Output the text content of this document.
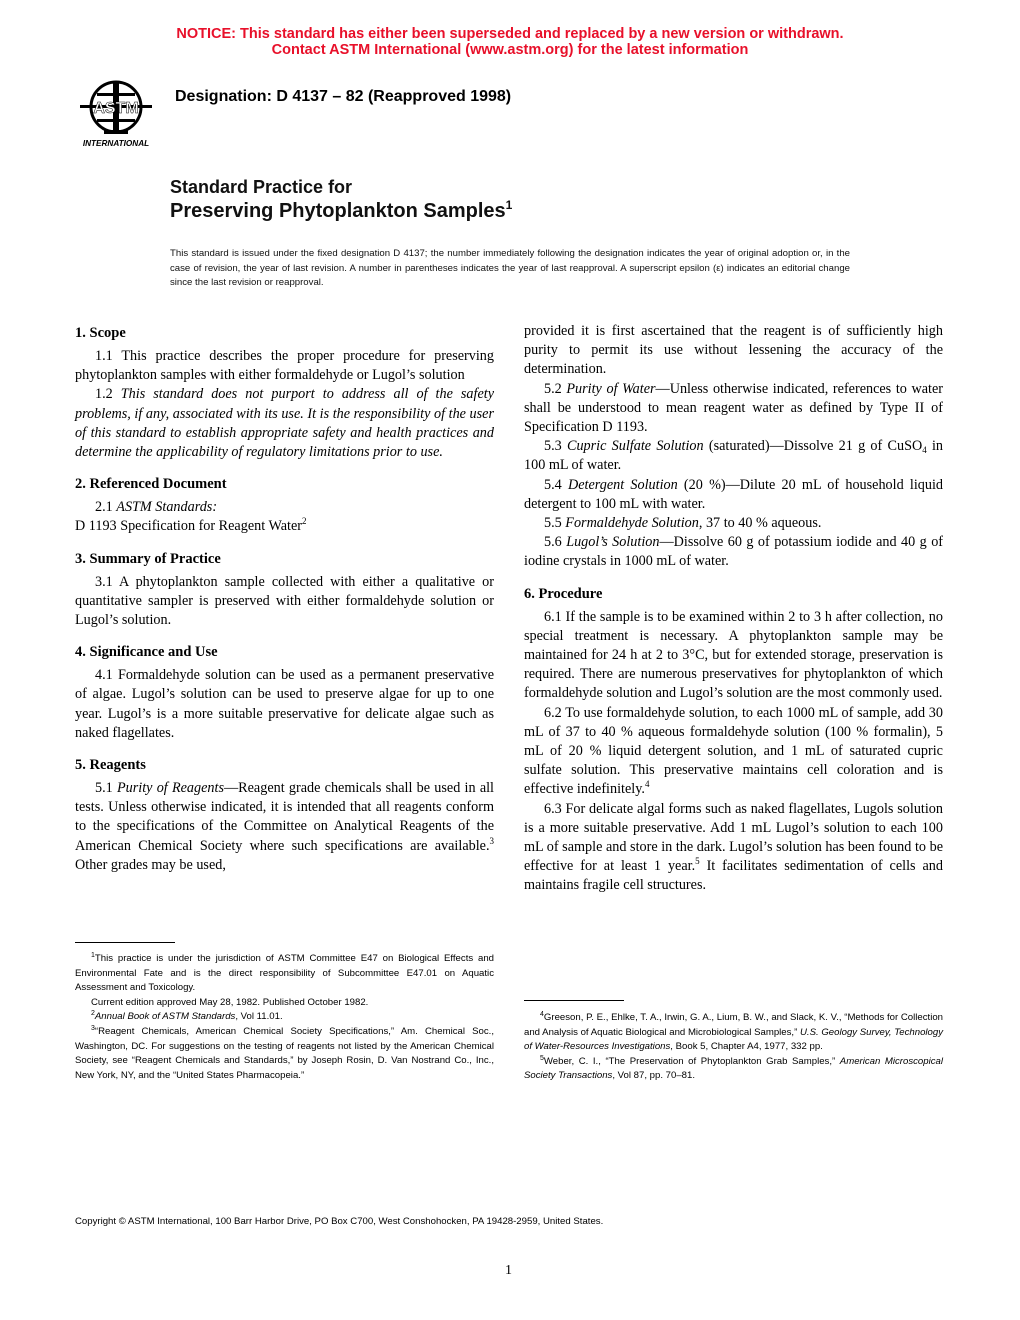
NOTICE: This standard has either been superseded and replaced by a new version or withdrawn.
Contact ASTM International (www.astm.org) for the latest information
ASTM
INTERNATIONAL
Designation: D 4137 – 82 (Reapproved 1998)
Standard Practice for
Preserving Phytoplankton Samples$^1$
This standard is issued under the fixed designation D 4137; the number immediately following the designation indicates the year of original adoption or, in the case of revision, the year of last revision. A number in parentheses indicates the year of last reapproval. A superscript epsilon (ε) indicates an editorial change since the last revision or reapproval.
1. Scope

1.1 This practice describes the proper procedure for preserving phytoplankton samples with either formaldehyde or Lugol’s solution

1.2 This standard does not purport to address all of the safety problems, if any, associated with its use. It is the responsibility of the user of this standard to establish appropriate safety and health practices and determine the applicability of regulatory limitations prior to use.

2. Referenced Document

2.1 ASTM Standards:

D 1193 Specification for Reagent Water$^2$

3. Summary of Practice

3.1 A phytoplankton sample collected with either a qualitative or quantitative sampler is preserved with either formaldehyde solution or Lugol’s solution.

4. Significance and Use

4.1 Formaldehyde solution can be used as a permanent preservative of algae. Lugol’s solution can be used to preserve algae for up to one year. Lugol’s is a more suitable preservative for delicate algae such as naked flagellates.

5. Reagents

5.1 Purity of Reagents—Reagent grade chemicals shall be used in all tests. Unless otherwise indicated, it is intended that all reagents conform to the specifications of the Committee on Analytical Reagents of the American Chemical Society where such specifications are available.$^3$ Other grades may be used,

provided it is first ascertained that the reagent is of sufficiently high purity to permit its use without lessening the accuracy of the determination.

5.2 Purity of Water—Unless otherwise indicated, references to water shall be understood to mean reagent water as defined by Type II of Specification D 1193.

5.3 Cupric Sulfate Solution (saturated)—Dissolve 21 g of CuSO$_4$ in 100 mL of water.

5.4 Detergent Solution (20 %)—Dilute 20 mL of household liquid detergent to 100 mL with water.

5.5 Formaldehyde Solution, 37 to 40 % aqueous.

5.6 Lugol’s Solution—Dissolve 60 g of potassium iodide and 40 g of iodine crystals in 1000 mL of water.

6. Procedure

6.1 If the sample is to be examined within 2 to 3 h after collection, no special treatment is necessary. A phytoplankton sample may be maintained for 24 h at 2 to 3°C, but for extended storage, preservation is required. There are numerous preservatives for phytoplankton of which formaldehyde solution and Lugol’s solution are the most commonly used.

6.2 To use formaldehyde solution, to each 1000 mL of sample, add 30 mL of 37 to 40 % aqueous formaldehyde solution (100 % formalin), 5 mL of 20 % liquid detergent solution, and 1 mL of saturated cupric sulfate solution. This preservative maintains cell coloration and is effective indefinitely.$^4$

6.3 For delicate algal forms such as naked flagellates, Lugols solution is a more suitable preservative. Add 1 mL Lugol’s solution to each 100 mL of sample and store in the dark. Lugol’s solution has been found to be effective for at least 1 year.$^5$ It facilitates sedimentation of cells and maintains fragile cell structures.

$^1$This practice is under the jurisdiction of ASTM Committee E47 on Biological Effects and Environmental Fate and is the direct responsibility of Subcommittee E47.01 on Aquatic Assessment and Toxicology.

Current edition approved May 28, 1982. Published October 1982.

$^2$Annual Book of ASTM Standards, Vol 11.01.

$^3$“Reagent Chemicals, American Chemical Society Specifications,” Am. Chemical Soc., Washington, DC. For suggestions on the testing of reagents not listed by the American Chemical Society, see “Reagent Chemicals and Standards,” by Joseph Rosin, D. Van Nostrand Co., Inc., New York, NY, and the “United States Pharmacopeia.”

$^4$Greeson, P. E., Ehlke, T. A., Irwin, G. A., Lium, B. W., and Slack, K. V., “Methods for Collection and Analysis of Aquatic Biological and Microbiological Samples,” U.S. Geology Survey, Technology of Water-Resources Investigations, Book 5, Chapter A4, 1977, 332 pp.

$^5$Weber, C. I., “The Preservation of Phytoplankton Grab Samples,” American Microscopical Society Transactions, Vol 87, pp. 70–81.

Copyright © ASTM International, 100 Barr Harbor Drive, PO Box C700, West Conshohocken, PA 19428-2959, United States.
1
